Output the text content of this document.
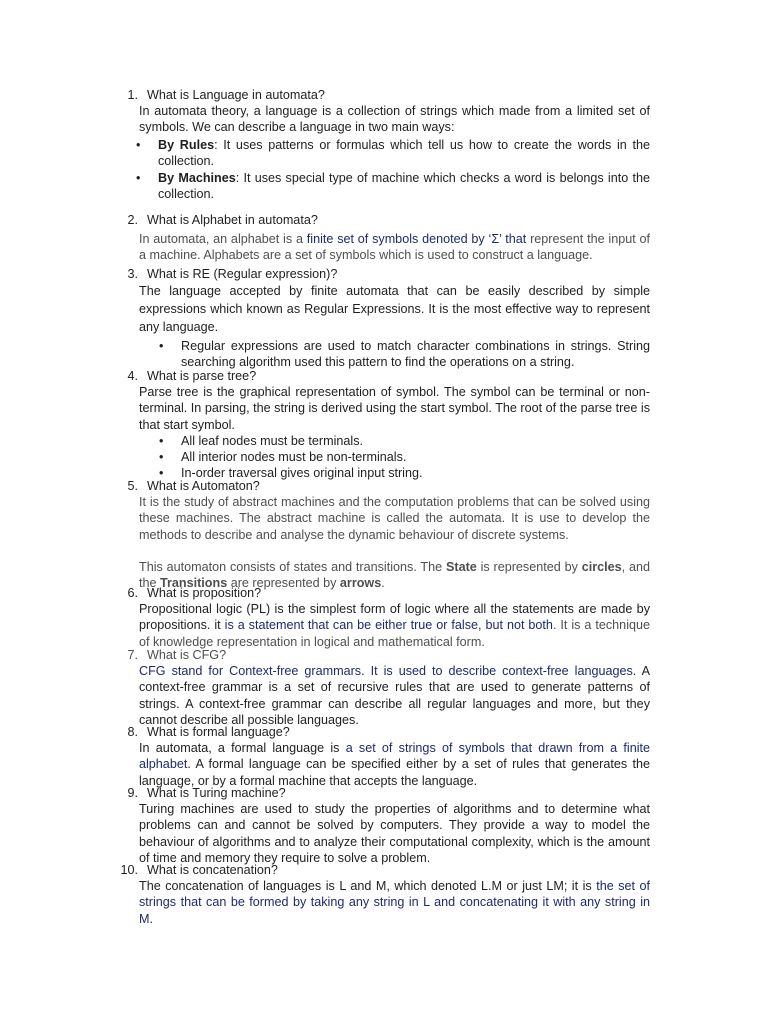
1. What is Language in automata?

In automata theory, a language is a collection of strings which made from a limited set of symbols. We can describe a language in two main ways:

• By Rules: It uses patterns or formulas which tell us how to create the words in the collection.
• By Machines: It uses special type of machine which checks a word is belongs into the collection.
2. What is Alphabet in automata?

In automata, an alphabet is a finite set of symbols denoted by ‘Σ’ that represent the input of a machine. Alphabets are a set of symbols which is used to construct a language.

3. What is RE (Regular expression)?

The language accepted by finite automata that can be easily described by simple expressions which known as Regular Expressions. It is the most effective way to represent any language.

• Regular expressions are used to match character combinations in strings. String searching algorithm used this pattern to find the operations on a string.
4. What is parse tree?

Parse tree is the graphical representation of symbol. The symbol can be terminal or non-terminal. In parsing, the string is derived using the start symbol. The root of the parse tree is that start symbol.

• All leaf nodes must be terminals.
• All interior nodes must be non-terminals.
• In-order traversal gives original input string.
5. What is Automaton?

It is the study of abstract machines and the computation problems that can be solved using these machines. The abstract machine is called the automata. It is use to develop the methods to describe and analyse the dynamic behaviour of discrete systems.

This automaton consists of states and transitions. The State is represented by circles, and the Transitions are represented by arrows.

6. What is proposition?

Propositional logic (PL) is the simplest form of logic where all the statements are made by propositions. it is a statement that can be either true or false, but not both. It is a technique of knowledge representation in logical and mathematical form.

7. What is CFG?

CFG stand for Context-free grammars. It is used to describe context-free languages. A context-free grammar is a set of recursive rules that are used to generate patterns of strings. A context-free grammar can describe all regular languages and more, but they cannot describe all possible languages.

8. What is formal language?

In automata, a formal language is a set of strings of symbols that drawn from a finite alphabet. A formal language can be specified either by a set of rules that generates the language, or by a formal machine that accepts the language.

9. What is Turing machine?

Turing machines are used to study the properties of algorithms and to determine what problems can and cannot be solved by computers. They provide a way to model the behaviour of algorithms and to analyze their computational complexity, which is the amount of time and memory they require to solve a problem.

10. What is concatenation?

The concatenation of languages is L and M, which denoted L.M or just LM; it is the set of strings that can be formed by taking any string in L and concatenating it with any string in M.
